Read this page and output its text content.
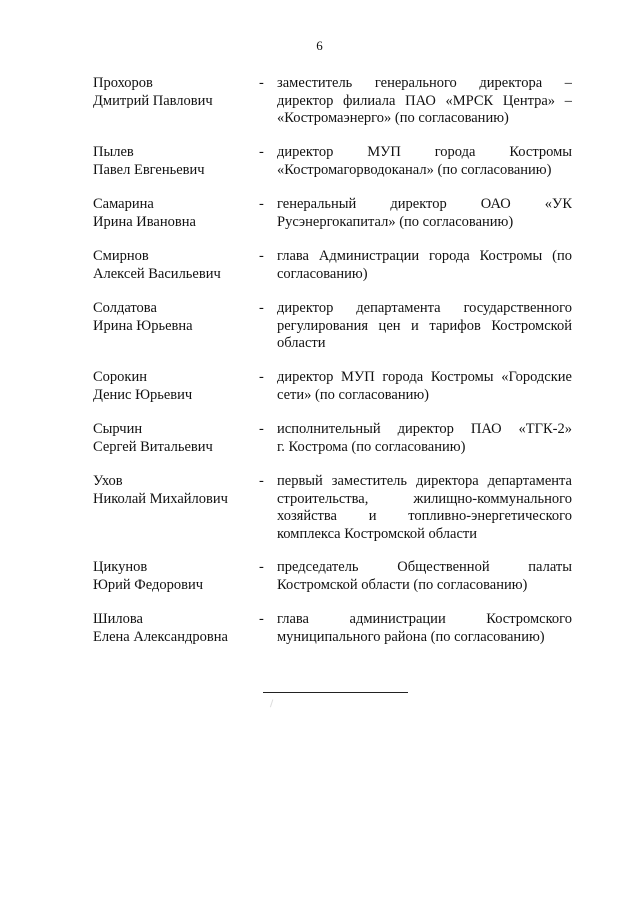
6
Прохоров
Дмитрий Павлович
- заместитель генерального директора –
директор филиала ПАО «МРСК Центра» –
«Костромаэнерго» (по согласованию)
Пылев
Павел Евгеньевич
- директор МУП города Костромы
«Костромагорводоканал» (по согласованию)
Самарина
Ирина Ивановна
- генеральный директор ОАО «УК
Русэнергокапитал» (по согласованию)
Смирнов
Алексей Васильевич
- глава Администрации города Костромы (по
согласованию)
Солдатова
Ирина Юрьевна
- директор департамента государственного
регулирования цен и тарифов Костромской
области
Сорокин
Денис Юрьевич
- директор МУП города Костромы «Городские
сети» (по согласованию)
Сырчин
Сергей Витальевич
- исполнительный директор ПАО «ТГК-2»
г. Кострома (по согласованию)
Ухов
Николай Михайлович
- первый заместитель директора департамента
строительства, жилищно-коммунального
хозяйства и топливно-энергетического
комплекса Костромской области
Цикунов
Юрий Федорович
- председатель Общественной палаты
Костромской области (по согласованию)
Шилова
Елена Александровна
- глава администрации Костромского
муниципального района (по согласованию)
